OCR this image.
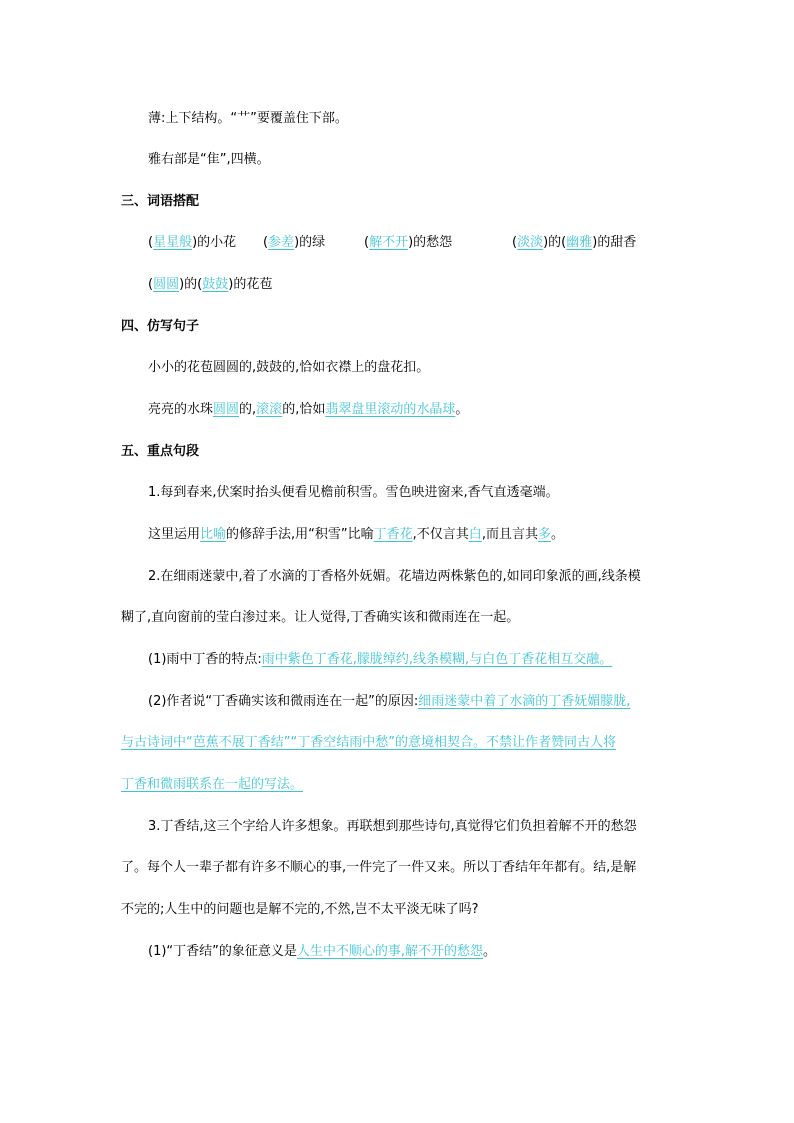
薄:上下结构。“艹”要覆盖住下部。
雅右部是“隹”,四横。
三、词语搭配
(星星般)的小花 (参差)的绿	(解不开)的愁怨	(淡淡)的(幽雅)的甜香
(圆圆)的(鼓鼓)的花苞
四、仿写句子
小小的花苞圆圆的,鼓鼓的,恰如衣襟上的盘花扣。
亮亮的水珠圆圆的,滚滚的,恰如翡翠盘里滚动的水晶球。
五、重点句段
1.每到春来,伏案时抬头便看见檐前积雪。雪色映进窗来,香气直透毫端。
这里运用比喻的修辞手法,用“积雪”比喻丁香花,不仅言其白,而且言其多。
2.在细雨迷蒙中,着了水滴的丁香格外妩媚。花墙边两株紫色的,如同印象派的画,线条模
糊了,直向窗前的莹白渗过来。让人觉得,丁香确实该和微雨连在一起。
(1)雨中丁香的特点:雨中紫色丁香花,朦胧绰约,线条模糊,与白色丁香花相互交融。
(2)作者说“丁香确实该和微雨连在一起”的原因:细雨迷蒙中着了水滴的丁香妩媚朦胧,
与古诗词中“芭蕉不展丁香结”“丁香空结雨中愁”的意境相契合。不禁让作者赞同古人将
丁香和微雨联系在一起的写法。
3.丁香结,这三个字给人许多想象。再联想到那些诗句,真觉得它们负担着解不开的愁怨
了。每个人一辈子都有许多不顺心的事,一件完了一件又来。所以丁香结年年都有。结,是解
不完的;人生中的问题也是解不完的,不然,岂不太平淡无味了吗?
(1)“丁香结”的象征意义是人生中不顺心的事,解不开的愁怨。
